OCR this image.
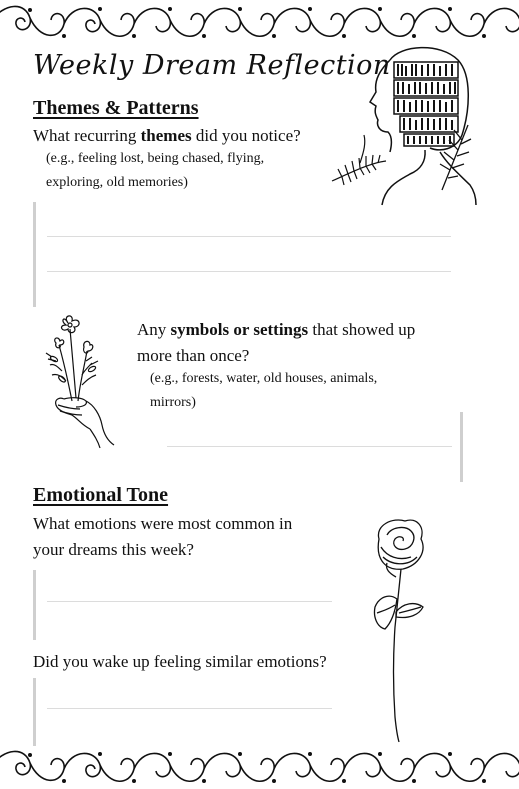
Weekly Dream Reflection
Themes & Patterns
What recurring themes did you notice?
(e.g., feeling lost, being chased, flying,
exploring, old memories)
Any symbols or settings that showed up
more than once?
(e.g., forests, water, old houses, animals,
mirrors)
Emotional Tone
What emotions were most common in
your dreams this week?
Did you wake up feeling similar emotions?
